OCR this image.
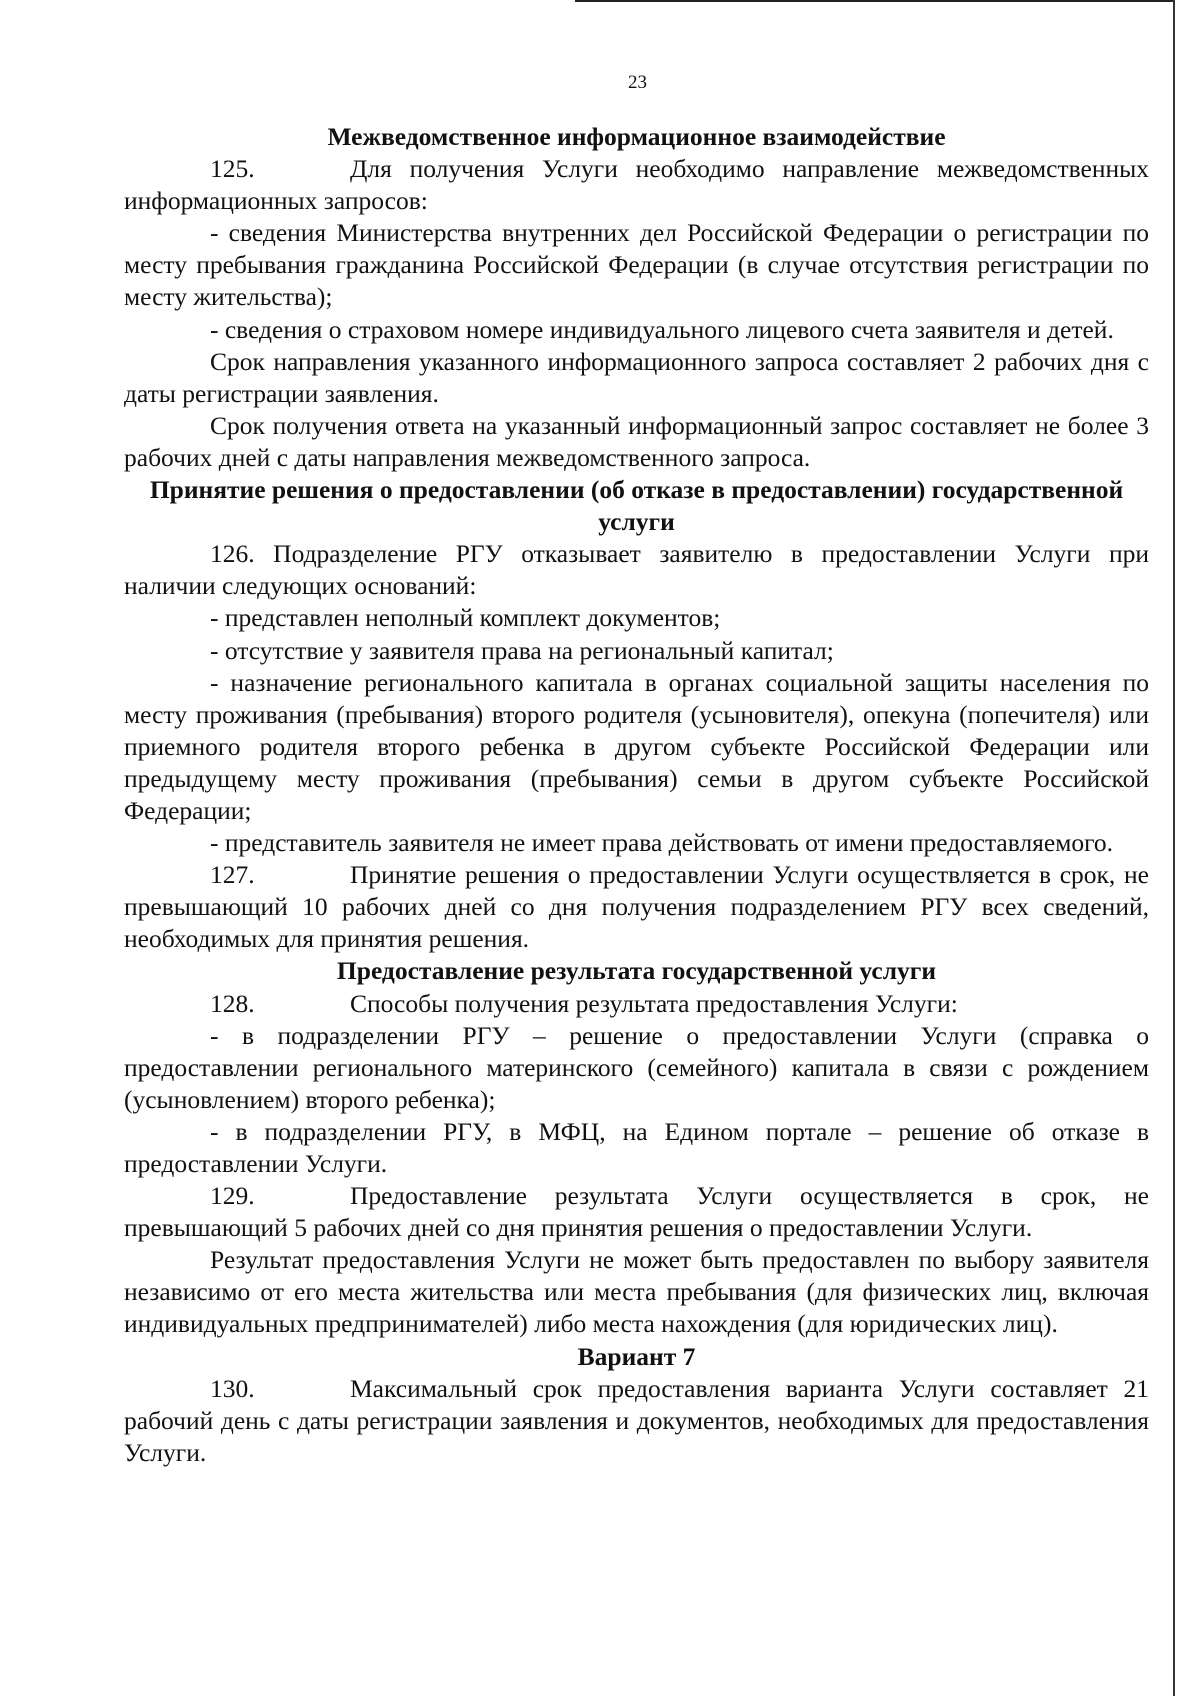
23
Межведомственное информационное взаимодействие

125.	Для получения Услуги необходимо направление межведомственных информационных запросов:

- сведения Министерства внутренних дел Российской Федерации о регистрации по месту пребывания гражданина Российской Федерации (в случае отсутствия регистрации по месту жительства);

- сведения о страховом номере индивидуального лицевого счета заявителя и детей.

Срок направления указанного информационного запроса составляет 2 рабочих дня с даты регистрации заявления.

Срок получения ответа на указанный информационный запрос составляет не более 3 рабочих дней с даты направления межведомственного запроса.

Принятие решения о предоставлении (об отказе в предоставлении) государственной услуги

126. Подразделение РГУ отказывает заявителю в предоставлении Услуги при наличии следующих оснований:

- представлен неполный комплект документов;

- отсутствие у заявителя права на региональный капитал;

- назначение регионального капитала в органах социальной защиты населения по месту проживания (пребывания) второго родителя (усыновителя), опекуна (попечителя) или приемного родителя второго ребенка в другом субъекте Российской Федерации или предыдущему месту проживания (пребывания) семьи в другом субъекте Российской Федерации;

- представитель заявителя не имеет права действовать от имени предоставляемого.

127.	Принятие решения о предоставлении Услуги осуществляется в срок, не превышающий 10 рабочих дней со дня получения подразделением РГУ всех сведений, необходимых для принятия решения.

Предоставление результата государственной услуги

128.	Способы получения результата предоставления Услуги:

- в подразделении РГУ – решение о предоставлении Услуги (справка о предоставлении регионального материнского (семейного) капитала в связи с рождением (усыновлением) второго ребенка);

- в подразделении РГУ, в МФЦ, на Едином портале – решение об отказе в предоставлении Услуги.

129.	Предоставление результата Услуги осуществляется в срок, не превышающий 5 рабочих дней со дня принятия решения о предоставлении Услуги.

Результат предоставления Услуги не может быть предоставлен по выбору заявителя независимо от его места жительства или места пребывания (для физических лиц, включая индивидуальных предпринимателей) либо места нахождения (для юридических лиц).

Вариант 7

130.	Максимальный срок предоставления варианта Услуги составляет 21 рабочий день с даты регистрации заявления и документов, необходимых для предоставления Услуги.
